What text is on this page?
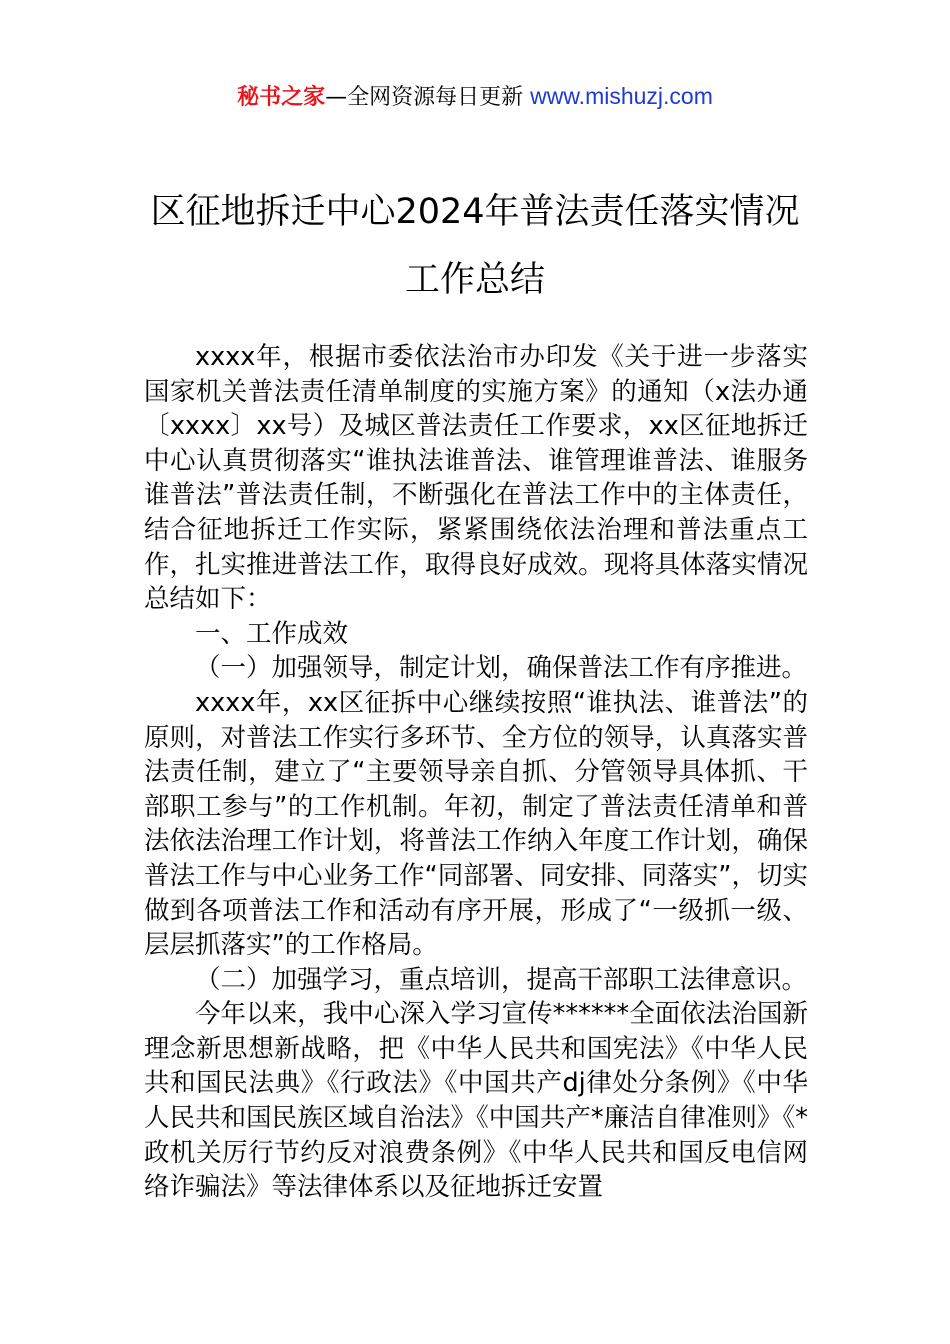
秘书之家—全网资源每日更新 www.mishuzj.com
区征地拆迁中心2024年普法责任落实情况
工作总结

xxxx年，根据市委依法治市办印发《关于进一步落实国家机关普法责任清单制度的实施方案》的通知（x法办通〔xxxx〕xx号）及城区普法责任工作要求，xx区征地拆迁中心认真贯彻落实“谁执法谁普法、谁管理谁普法、谁服务谁普法”普法责任制，不断强化在普法工作中的主体责任，结合征地拆迁工作实际，紧紧围绕依法治理和普法重点工作，扎实推进普法工作，取得良好成效。现将具体落实情况总结如下：

一、工作成效

（一）加强领导，制定计划，确保普法工作有序推进。

xxxx年，xx区征拆中心继续按照“谁执法、谁普法”的原则，对普法工作实行多环节、全方位的领导，认真落实普法责任制，建立了“主要领导亲自抓、分管领导具体抓、干部职工参与”的工作机制。年初，制定了普法责任清单和普法依法治理工作计划，将普法工作纳入年度工作计划，确保普法工作与中心业务工作“同部署、同安排、同落实”，切实做到各项普法工作和活动有序开展，形成了“一级抓一级、层层抓落实”的工作格局。

（二）加强学习，重点培训，提高干部职工法律意识。

今年以来，我中心深入学习宣传******全面依法治国新理念新思想新战略，把《中华人民共和国宪法》《中华人民共和国民法典》《行政法》《中国共产dj律处分条例》《中华人民共和国民族区域自治法》《中国共产*廉洁自律准则》《*政机关厉行节约反对浪费条例》《中华人民共和国反电信网络诈骗法》等法律体系以及征地拆迁安置
